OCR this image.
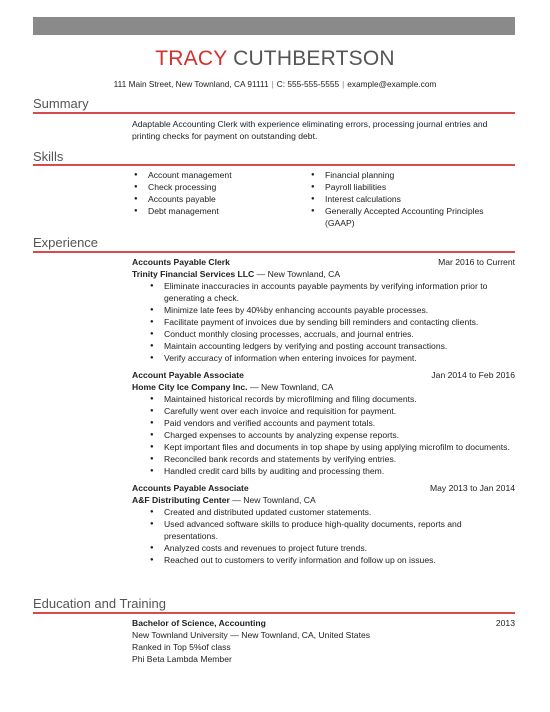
TRACY CUTHBERTSON
111 Main Street, New Townland, CA 91111 | C: 555-555-5555 | example@example.com
Summary
Adaptable Accounting Clerk with experience eliminating errors, processing journal entries and printing checks for payment on outstanding debt.
Skills
● Account management
● Check processing
● Accounts payable
● Debt management
● Financial planning
● Payroll liabilities
● Interest calculations
● Generally Accepted Accounting Principles (GAAP)
Experience
Accounts Payable Clerk	Mar 2016 to Current
Trinity Financial Services LLC — New Townland, CA
● Eliminate inaccuracies in accounts payable payments by verifying information prior to generating a check.
● Minimize late fees by 40%by enhancing accounts payable processes.
● Facilitate payment of invoices due by sending bill reminders and contacting clients.
● Conduct monthly closing processes, accruals, and journal entries.
● Maintain accounting ledgers by verifying and posting account transactions.
● Verify accuracy of information when entering invoices for payment.
Account Payable Associate	Jan 2014 to Feb 2016
Home City Ice Company Inc. — New Townland, CA
● Maintained historical records by microfilming and filing documents.
● Carefully went over each invoice and requisition for payment.
● Paid vendors and verified accounts and payment totals.
● Charged expenses to accounts by analyzing expense reports.
● Kept important files and documents in top shape by using applying microfilm to documents.
● Reconciled bank records and statements by verifying entries.
● Handled credit card bills by auditing and processing them.
Accounts Payable Associate	May 2013 to Jan 2014
A&F Distributing Center — New Townland, CA
● Created and distributed updated customer statements.
● Used advanced software skills to produce high-quality documents, reports and presentations.
● Analyzed costs and revenues to project future trends.
● Reached out to customers to verify information and follow up on issues.
Education and Training
Bachelor of Science, Accounting	2013
New Townland University — New Townland, CA, United States
Ranked in Top 5%of class
Phi Beta Lambda Member
